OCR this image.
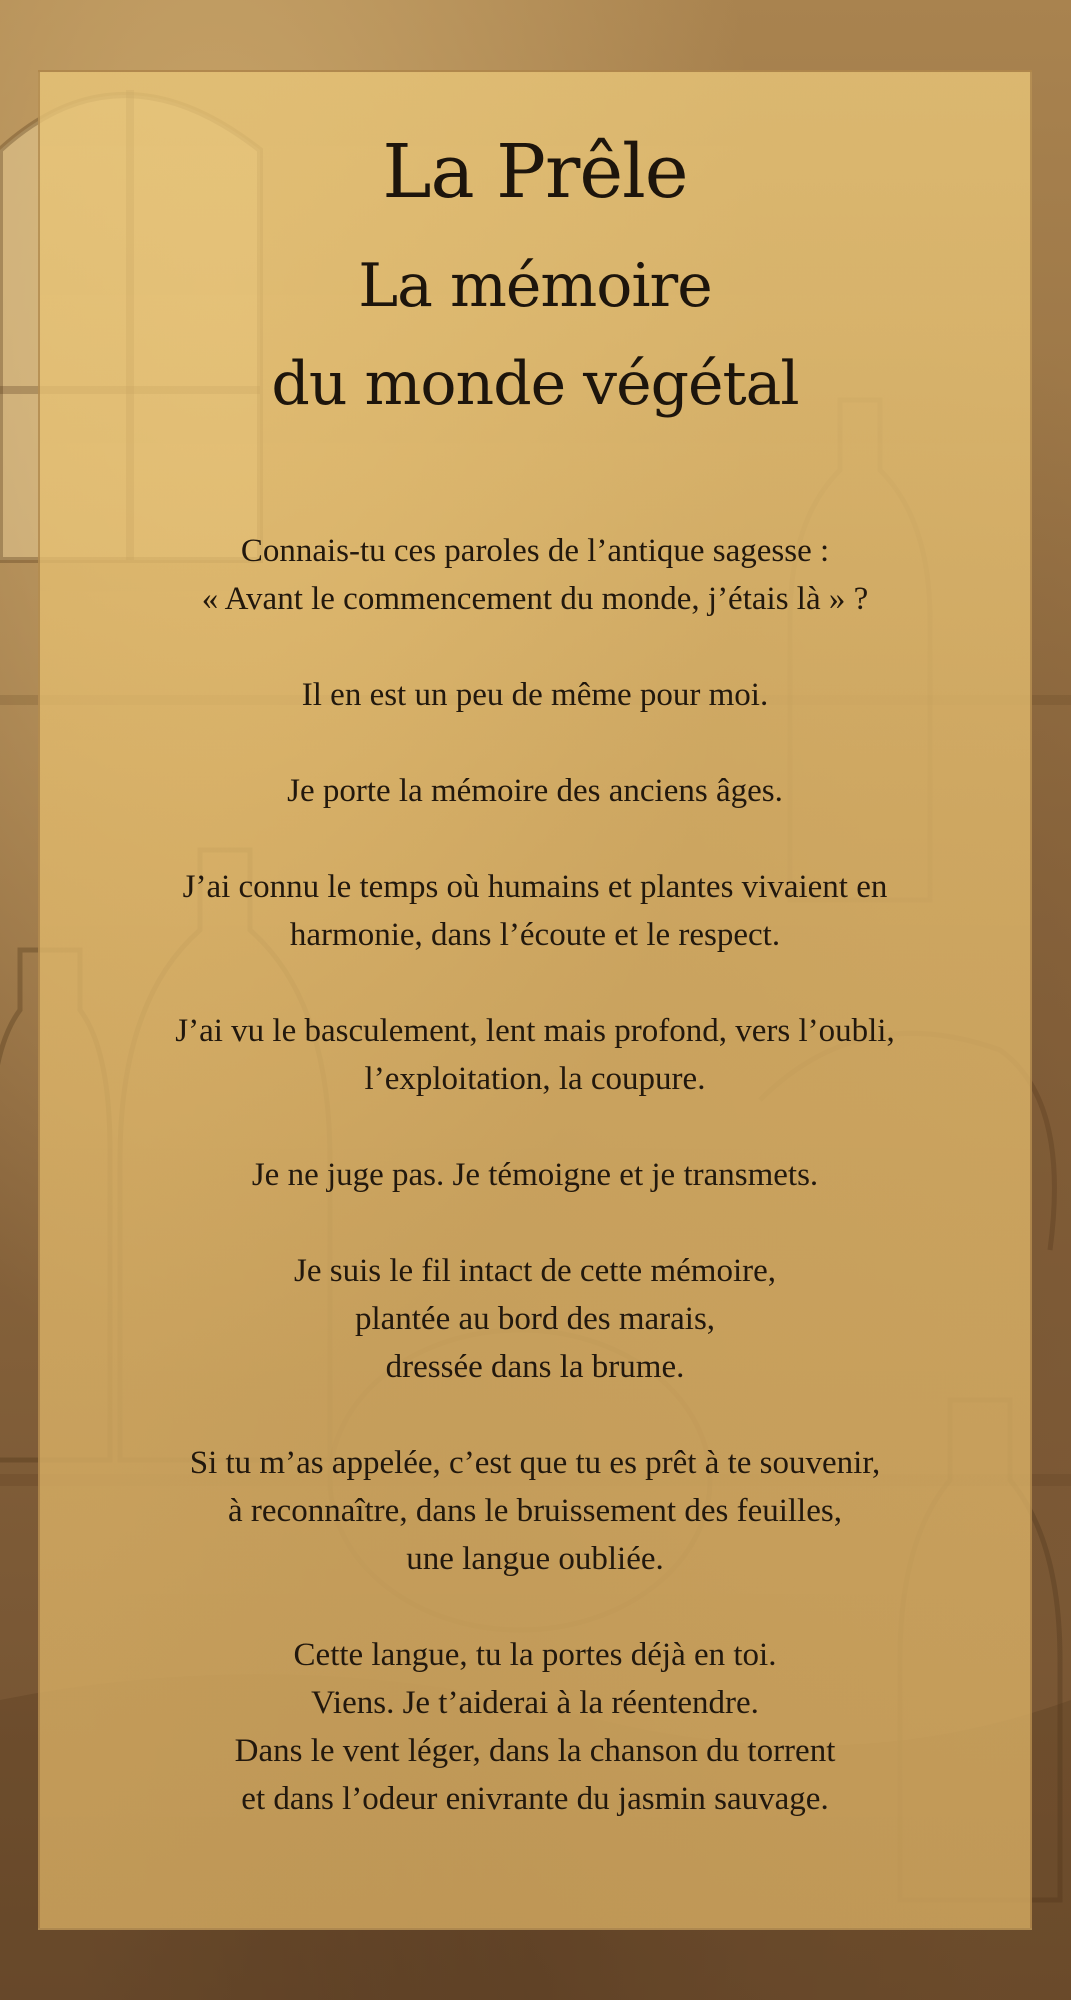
La Prêle
La mémoire
du monde végétal

Connais-tu ces paroles de l’antique sagesse :
« Avant le commencement du monde, j’étais là » ?

Il en est un peu de même pour moi.

Je porte la mémoire des anciens âges.

J’ai connu le temps où humains et plantes vivaient en
harmonie, dans l’écoute et le respect.

J’ai vu le basculement, lent mais profond, vers l’oubli,
l’exploitation, la coupure.

Je ne juge pas. Je témoigne et je transmets.

Je suis le fil intact de cette mémoire,
plantée au bord des marais,
dressée dans la brume.

Si tu m’as appelée, c’est que tu es prêt à te souvenir,
à reconnaître, dans le bruissement des feuilles,
une langue oubliée.

Cette langue, tu la portes déjà en toi.
Viens. Je t’aiderai à la réentendre.
Dans le vent léger, dans la chanson du torrent
et dans l’odeur enivrante du jasmin sauvage.
